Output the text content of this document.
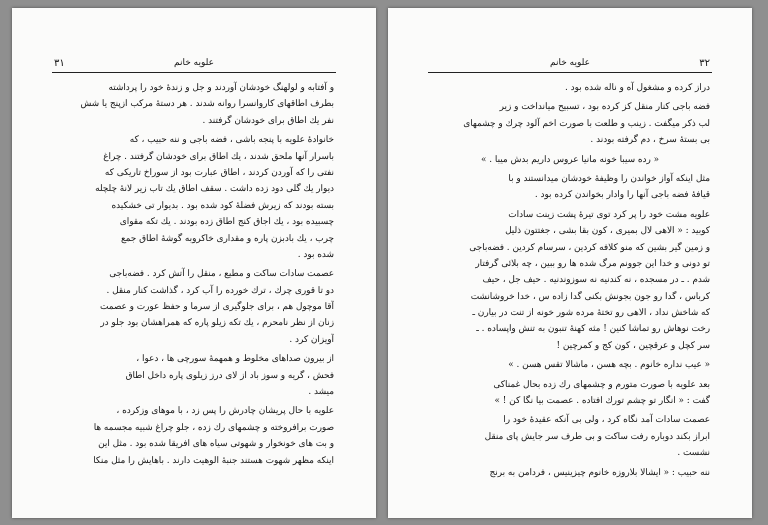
۳۱	علویه خانم
و آفتابه و لولهنگ خودشان آوردند و جل و زندهٔ خود را پرداشته
بطرف اطاقهای کاروانسرا روانه شدند . هر دستهٔ مرکب ازپنج یا شش
نفر یك اطاق برای خودشان گرفتند .
خانوادهٔ علویه با پنجه باشی ، فضه باجی و ننه حبیب ، که
باسرار آنها ملحق شدند ، یك اطاق برای خودشان گرفتند . چراغ
نفتی را که آوردن کردند ، اطاق عبارت بود از سوراخ تاریکی که
دیوار یك گلی دود زده داشت . سقف اطاق یك تاب زیر لانهٔ چلچله
بسته بودند که زیرش فضلهٔ کود شده بود . بدیوار تی خشکیده
چسبیده بود ، یك اجاق کنج اطاق زده بودند . یك تکه مقوای
چرب ، یك بادبزن پاره و مقداری خاکروبه گوشهٔ اطاق جمع
شده بود .
عصمت سادات ساکت و مطیع ، منقل را آتش کرد . فضه‌باجی
دو تا قوری چرك ، ترك خورده را آب کرد ، گذاشت کنار منقل .
آقا موچول هم ، برای جلوگیری از سرما و حفظ عورت و عصمت
زنان از نظر نامحرم ، یك تکه زیلو پاره که همراهشان بود جلو در
آویزان کرد .
از بیرون صداهای مخلوط و همهمهٔ سورچی ها ، دعوا ،
فحش ، گریه و سوز باد از لای درز زیلوی پاره داخل اطاق
میشد .
علویه با حال پریشان چادرش را پس زد ، با موهای وزکرده ،
صورت برافروخته و چشمهای رك زده ، جلو چراغ شبیه مجسمه ها
و بت های خونخوار و شهوتی سیاه های افریقا شده بود . مثل این
اینکه مظهر شهوت هستند جنبهٔ الوهیت دارند . باهایش را مثل منکا
۳۲
علویه خانم
دراز کرده و مشغول آه و ناله شده بود .
فضه باجی کنار منقل کز کرده بود ، تسبیح میانداخت و زیر
لب ذکر میگفت . زینب و طلعت با صورت اخم آلود چرك و چشمهای
بی بستهٔ سرخ ، دم گرفته بودند .
« رده سیبا خونه مانیا عروس داریم بدش میبا . »
مثل اینکه آواز خواندن را وظیفهٔ خودشان میدانستند و با
قیافهٔ فضه باجی آنها را وادار بخواندن کرده بود .
علویه مشت خود را پر کرد توی تیرهٔ پشت زینت سادات
کوبید : « الاهی لال بمیری ، کون بقا بشی ، جغتتون ذلیل
و زمین گیر بشین که منو کلافه کردین ، سرسام کردین . فضه‌باجی
تو دونی و خدا این جوونم مرگ شده ها رو ببین ، چه بلائی گرفتار
شدم . ـ در مسجده ، نه کندنیه نه سوزوندنیه . حیف جل ، حیف
کرباس ، گدا رو جون بجونش بکنی گدا زاده س ، خدا خروشانشت
که شاخش نداد ، الاهی رو تختهٔ مرده شور خونه از تنت در بیارن ـ
رخت نوهاش رو تماشا کنین ! مثه کهنهٔ تنبون به تنش واپساده . ـ
سر کچل و عرقچین ، کون کج و کمرچین !
« عیب نداره خانوم . بچه هسن ، ماشالا تقس هسن . »
بعد علویه با صورت متورم و چشمهای رك زده بحال غمناکی
گفت : « انگار تو چشم تورك افتاده . عصمت بیا نگا کن ! »
عصمت سادات آمد نگاه کرد ، ولی بی آنکه عقیدهٔ خود را
ابراز بکند دوباره رفت ساکت و بی طرف سر جایش پای منقل
نشست .
ننه حبیب : « ایشالا بلاروزه خانوم چیزینیس ، فردامن به برنج
